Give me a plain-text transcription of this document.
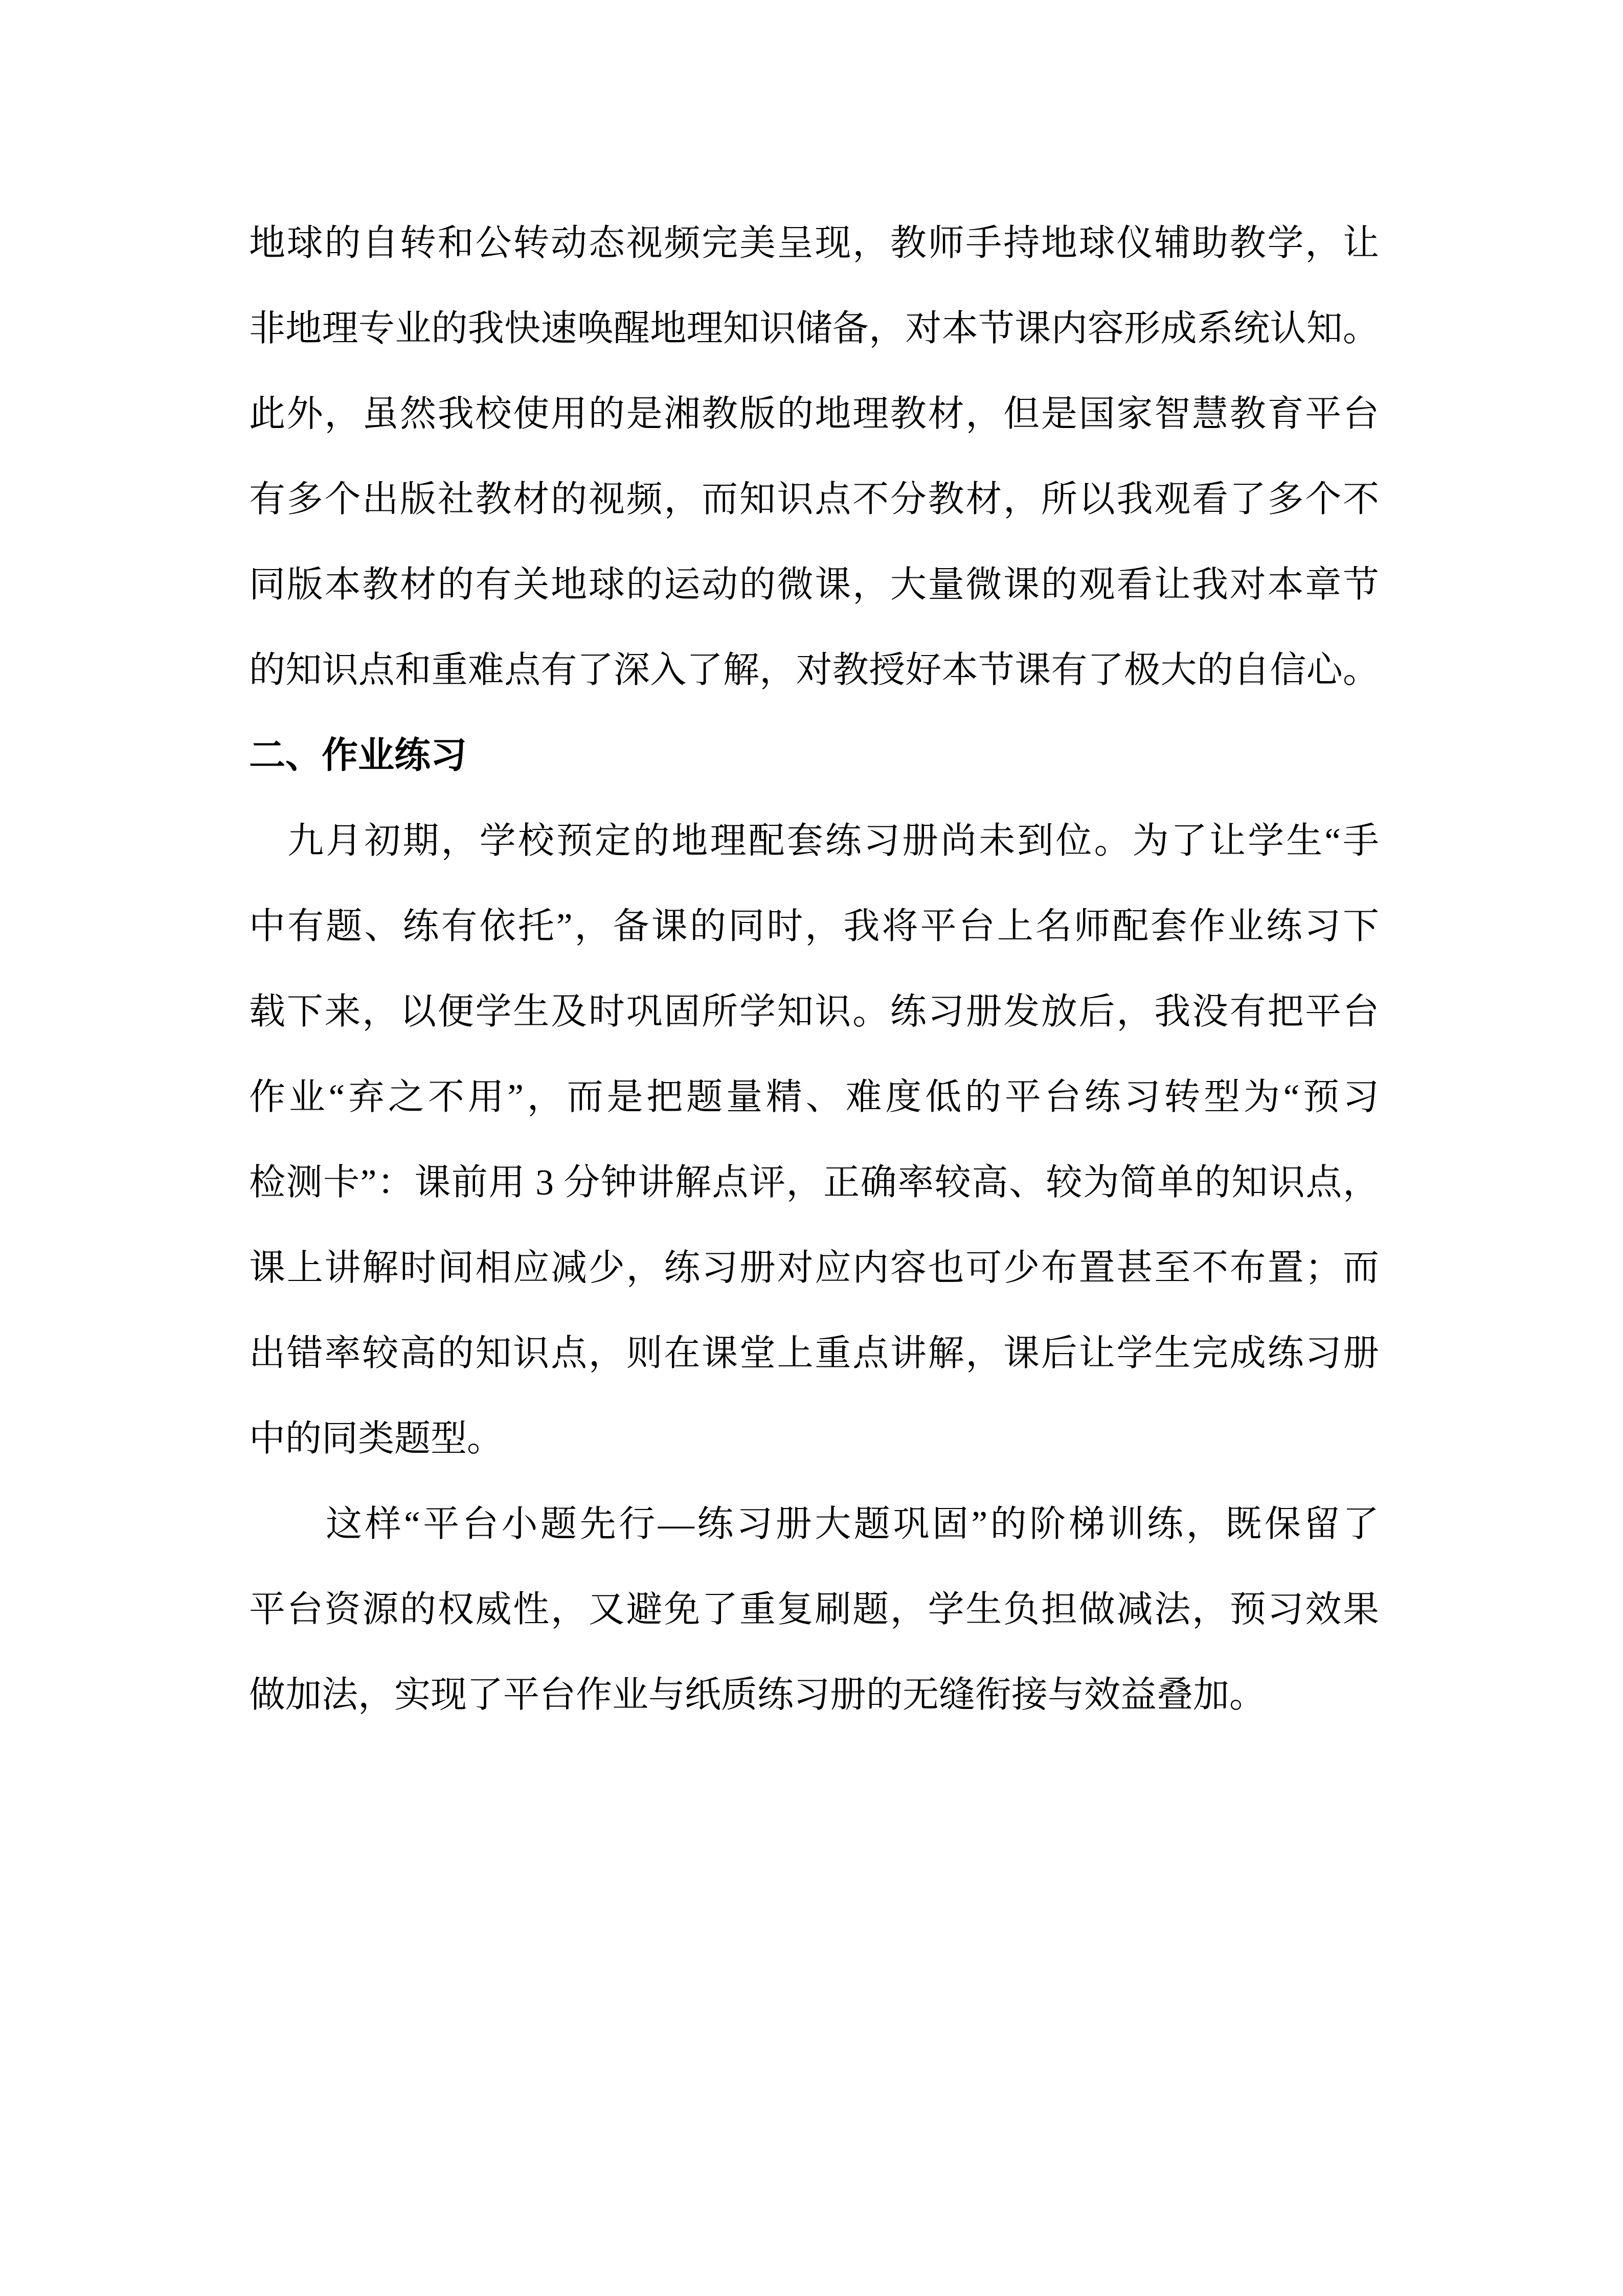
地球的自转和公转动态视频完美呈现，教师手持地球仪辅助教学，让
非地理专业的我快速唤醒地理知识储备，对本节课内容形成系统认知。
此外，虽然我校使用的是湘教版的地理教材，但是国家智慧教育平台
有多个出版社教材的视频，而知识点不分教材，所以我观看了多个不
同版本教材的有关地球的运动的微课，大量微课的观看让我对本章节
的知识点和重难点有了深入了解，对教授好本节课有了极大的自信心。
二、作业练习
九月初期，学校预定的地理配套练习册尚未到位。为了让学生“手
中有题、练有依托”，备课的同时，我将平台上名师配套作业练习下
载下来，以便学生及时巩固所学知识。练习册发放后，我没有把平台
作业“弃之不用”，而是把题量精、难度低的平台练习转型为“预习
检测卡”：课前用 3 分钟讲解点评，正确率较高、较为简单的知识点，
课上讲解时间相应减少，练习册对应内容也可少布置甚至不布置；而
出错率较高的知识点，则在课堂上重点讲解，课后让学生完成练习册
中的同类题型。
这样“平台小题先行—练习册大题巩固”的阶梯训练，既保留了
平台资源的权威性，又避免了重复刷题，学生负担做减法，预习效果
做加法，实现了平台作业与纸质练习册的无缝衔接与效益叠加。
